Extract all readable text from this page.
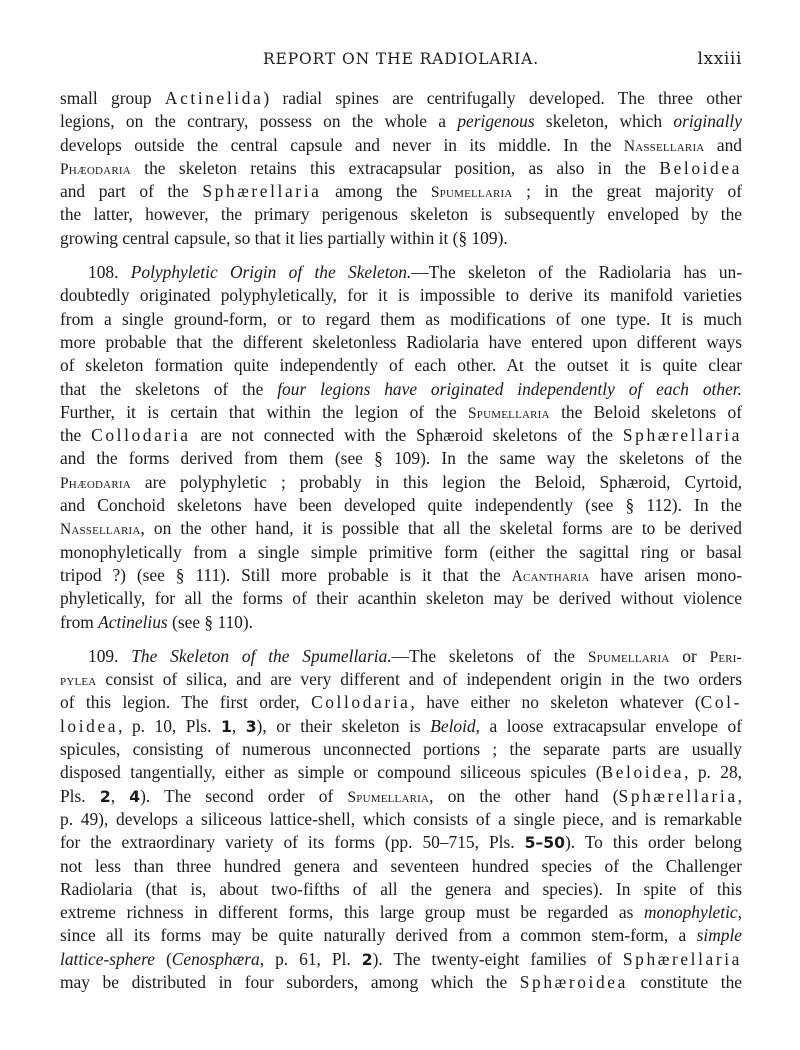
REPORT ON THE RADIOLARIA.	lxxiii
small group Actinelida) radial spines are centrifugally developed. The three other
legions, on the contrary, possess on the whole a perigenous skeleton, which originally
develops outside the central capsule and never in its middle. In the Nassellaria and
Phæodaria the skeleton retains this extracapsular position, as also in the Beloidea
and part of the Sphærellaria among the Spumellaria ; in the great majority of
the latter, however, the primary perigenous skeleton is subsequently enveloped by the
growing central capsule, so that it lies partially within it (§ 109).
108. Polyphyletic Origin of the Skeleton.—The skeleton of the Radiolaria has un-
doubtedly originated polyphyletically, for it is impossible to derive its manifold varieties
from a single ground-form, or to regard them as modifications of one type. It is much
more probable that the different skeletonless Radiolaria have entered upon different ways
of skeleton formation quite independently of each other. At the outset it is quite clear
that the skeletons of the four legions have originated independently of each other.
Further, it is certain that within the legion of the Spumellaria the Beloid skeletons of
the Collodaria are not connected with the Sphæroid skeletons of the Sphærellaria
and the forms derived from them (see § 109). In the same way the skeletons of the
Phæodaria are polyphyletic ; probably in this legion the Beloid, Sphæroid, Cyrtoid,
and Conchoid skeletons have been developed quite independently (see § 112). In the
Nassellaria, on the other hand, it is possible that all the skeletal forms are to be derived
monophyletically from a single simple primitive form (either the sagittal ring or basal
tripod ?) (see § 111). Still more probable is it that the Acantharia have arisen mono-
phyletically, for all the forms of their acanthin skeleton may be derived without violence
from Actinelius (see § 110).
109. The Skeleton of the Spumellaria.—The skeletons of the Spumellaria or Peri-
pylea consist of silica, and are very different and of independent origin in the two orders
of this legion. The first order, Collodaria, have either no skeleton whatever (Col-
loidea, p. 10, Pls. 1, 3), or their skeleton is Beloid, a loose extracapsular envelope of
spicules, consisting of numerous unconnected portions ; the separate parts are usually
disposed tangentially, either as simple or compound siliceous spicules (Beloidea, p. 28,
Pls. 2, 4). The second order of Spumellaria, on the other hand (Sphærellaria,
p. 49), develops a siliceous lattice-shell, which consists of a single piece, and is remarkable
for the extraordinary variety of its forms (pp. 50–715, Pls. 5–50). To this order belong
not less than three hundred genera and seventeen hundred species of the Challenger
Radiolaria (that is, about two-fifths of all the genera and species). In spite of this
extreme richness in different forms, this large group must be regarded as monophyletic,
since all its forms may be quite naturally derived from a common stem-form, a simple
lattice-sphere (Cenosphæra, p. 61, Pl. 2). The twenty-eight families of Sphærellaria
may be distributed in four suborders, among which the Sphæroidea constitute the
